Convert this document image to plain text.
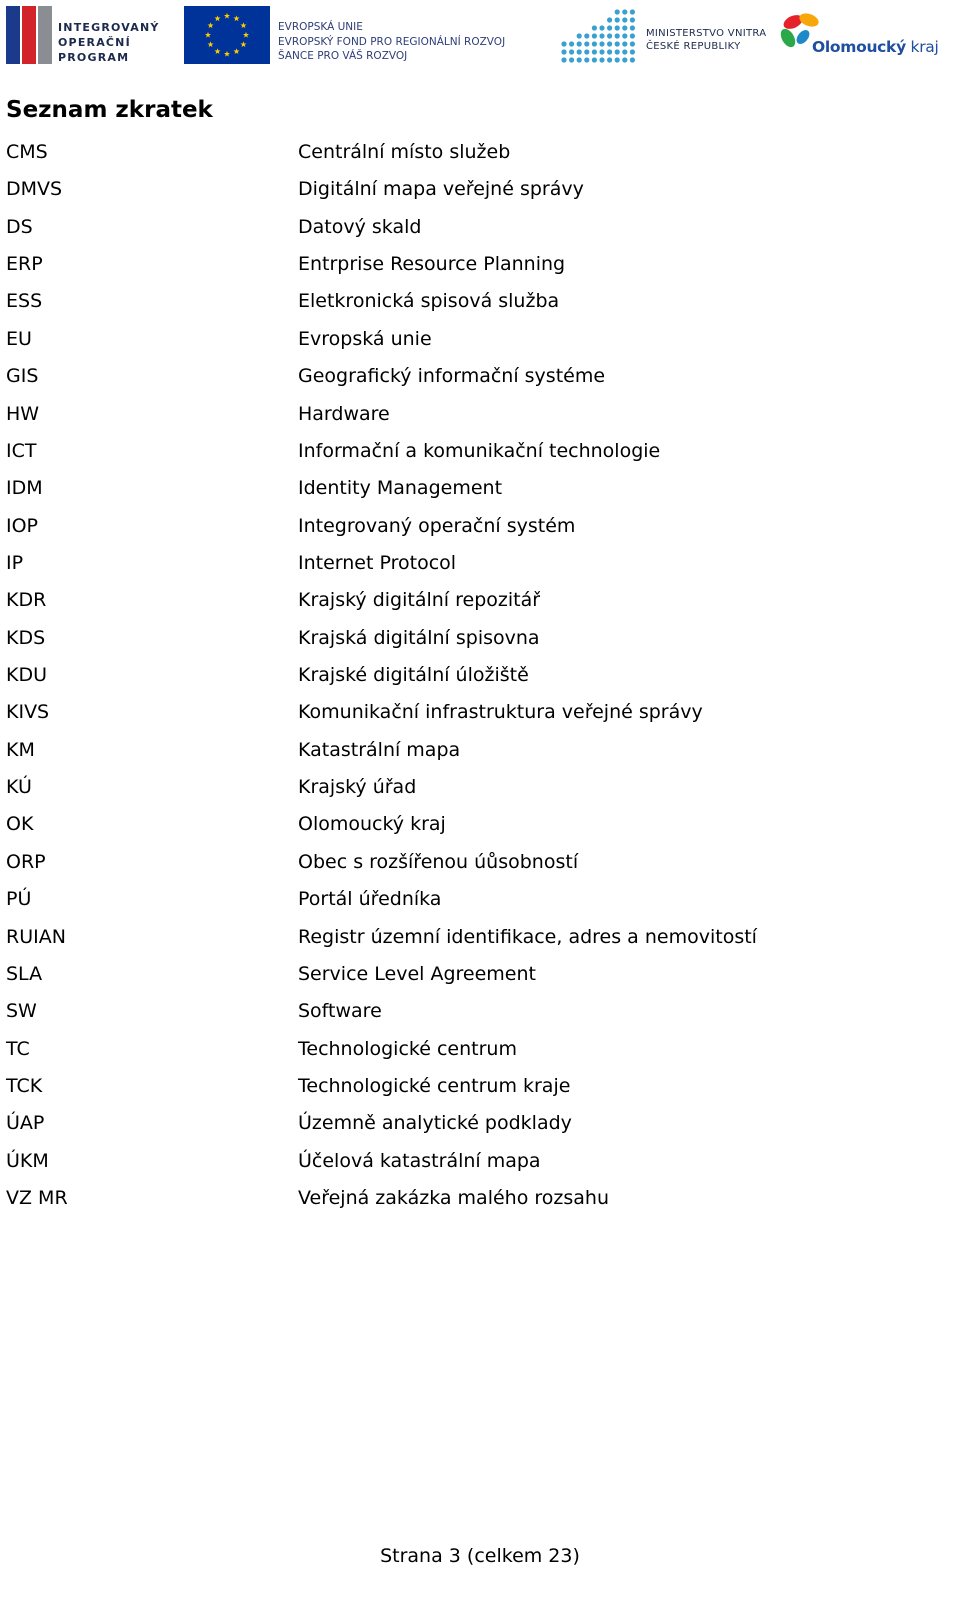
INTEGROVANÝ
OPERAČNÍ
PROGRAM
EVROPSKÁ UNIE
EVROPSKÝ FOND PRO REGIONÁLNÍ ROZVOJ
ŠANCE PRO VÁŠ ROZVOJ
MINISTERSTVO VNITRA
ČESKÉ REPUBLIKY	Olomoucký kraj
Seznam zkratek
CMS	Centrální místo služeb
DMVS	Digitální mapa veřejné správy
DS	Datový skald
ERP	Entrprise Resource Planning
ESS	Eletkronická spisová služba
EU	Evropská unie
GIS	Geografický informační systéme
HW	Hardware
ICT	Informační a komunikační technologie
IDM	Identity Management
IOP	Integrovaný operační systém
IP	Internet Protocol
KDR	Krajský digitální repozitář
KDS	Krajská digitální spisovna
KDU	Krajské digitální úložiště
KIVS	Komunikační infrastruktura veřejné správy
KM	Katastrální mapa
KÚ	Krajský úřad
OK	Olomoucký kraj
ORP	Obec s rozšířenou úůsobností
PÚ	Portál úředníka
RUIAN	Registr územní identifikace, adres a nemovitostí
SLA	Service Level Agreement
SW	Software
TC	Technologické centrum
TCK	Technologické centrum kraje
ÚAP	Územně analytické podklady
ÚKM	Účelová katastrální mapa
VZ MR	Veřejná zakázka malého rozsahu
Strana 3 (celkem 23)
